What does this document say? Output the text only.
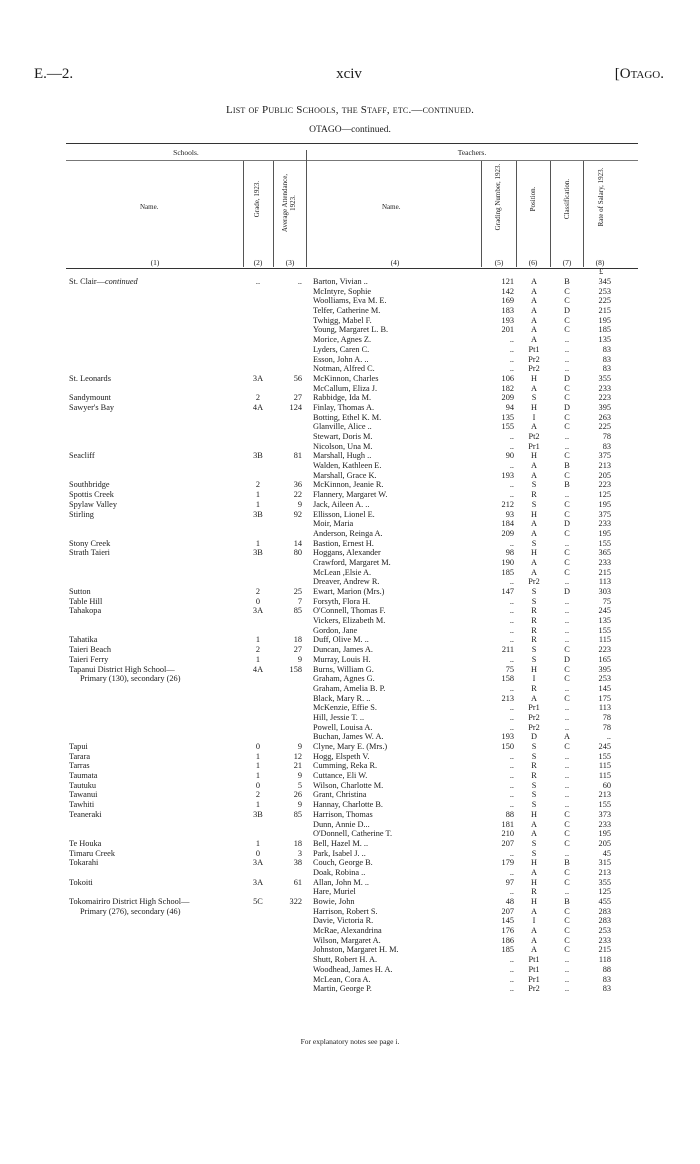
E.—2.	xciv	[Otago.
List of Public Schools, the Staff, etc.—continued.
OTAGO—continued.
Schools.	Teachers.
Name.	Grade, 1923.	Average Attendance, 1923.	Name.	Grading Number, 1923.	Position.	Classification.	Rate of Salary, 1923.
(1)	(2)	(3)	(4)	(5)	(6)	(7)	(8)
£
St. Clair—continued	..	.. Barton, Vivian ..	121	A	B	345
McIntyre, Sophie	142	A	C	253
Woolliams, Eva M. E.	169	A	C	225
Telfer, Catherine M.	183	A	D	215
Twhigg, Mabel F.	193	A	C	195
Young, Margaret L. B.	201	A	C	185
Morice, Agnes Z.	..	A	..	135
Lyders, Caren C.	..	Pt1	..	83
Esson, John A. ..	..	Pr2	..	83
Notman, Alfred C.	..	Pr2	..	83
St. Leonards	3A	56 McKinnon, Charles	106	H	D	355
McCallum, Eliza J.	182	A	C	233
Sandymount	2	27 Rabbidge, Ida M.	209	S	C	223
Sawyer's Bay	4A	124 Finlay, Thomas A.	94	H	D	395
Botting, Ethel K. M.	135	I	C	263
Glanville, Alice ..	155	A	C	225
Stewart, Doris M.	..	Pt2	..	78
Nicolson, Una M.	..	Pr1	..	83
Seacliff	3B	81 Marshall, Hugh ..	90	H	C	375
Walden, Kathleen E.	..	A	B	213
Marshall, Grace K.	193	A	C	205
Southbridge	2	36 McKinnon, Jeanie R.	..	S	B	223
Spottis Creek	1	22 Flannery, Margaret W.	..	R	..	125
Spylaw Valley	1	9 Jack, Aileen A. ..	212	S	C	195
Stirling	3B	92 Ellisson, Lionel E.	93	H	C	375
Moir, Maria	184	A	D	233
Anderson, Reinga A.	209	A	C	195
Stony Creek	1	14 Bastion, Ernest H.	..	S	..	155
Strath Taieri	3B	80 Hoggans, Alexander	98	H	C	365
Crawford, Margaret M.	190	A	C	233
McLean ,Elsie A.	185	A	C	215
Dreaver, Andrew R.	..	Pr2	..	113
Sutton	2	25 Ewart, Marion (Mrs.)	147	S	D	303
Table Hill	0	7 Forsyth, Flora H.	..	S	..	75
Tahakopa	3A	85 O'Connell, Thomas F.	..	R	..	245
Vickers, Elizabeth M.	..	R	..	135
Gordon, Jane	..	R	..	155
Tahatika	1	18 Duff, Olive M. ..	..	R	..	115
Taieri Beach	2	27 Duncan, James A.	211	S	C	223
Taieri Ferry	1	9 Murray, Louis H.	..	S	D	165
Tapanui District High School—	4A	158 Burns, William G.	75	H	C	395
Primary (130), secondary (26)	Graham, Agnes G.	158	I	C	253
Graham, Amelia B. P.	..	R	..	145
Black, Mary R. ..	213	A	C	175
McKenzie, Effie S.	..	Pr1	..	113
Hill, Jessie T. ..	..	Pr2	..	78
Powell, Louisa A.	..	Pr2	..	78
Buchan, James W. A.	193	D	A	..
Tapui	0	9 Clyne, Mary E. (Mrs.)	150	S	C	245
Tarara	1	12 Hogg, Elspeth V.	..	S	..	155
Tarras	1	21 Cumming, Reka R.	..	R	..	115
Taumata	1	9 Cuttance, Eli W.	..	R	..	115
Tautuku	0	5 Wilson, Charlotte M.	..	S	..	60
Tawanui	2	26 Grant, Christina	..	S	..	213
Tawhiti	1	9 Hannay, Charlotte B.	..	S	..	155
Teaneraki	3B	85 Harrison, Thomas	88	H	C	373
Dunn, Annie D...	181	A	C	233
O'Donnell, Catherine T.	210	A	C	195
Te Houka	1	18 Bell, Hazel M. ..	207	S	C	205
Timaru Creek	0	3 Park, Isabel J. ..	..	S	..	45
Tokarahi	3A	38 Couch, George B.	179	H	B	315
Doak, Robina ..	..	A	C	213
Tokoiti	3A	61 Allan, John M. ..	97	H	C	355
Hare, Muriel	..	R	..	125
Tokomairiro District High School—	5C	322 Bowie, John	48	H	B	455
Primary (276), secondary (46)	Harrison, Robert S.	207	A	C	283
Davie, Victoria R.	145	I	C	283
McRae, Alexandrina	176	A	C	253
Wilson, Margaret A.	186	A	C	233
Johnston, Margaret H. M.	185	A	C	215
Shutt, Robert H. A.	..	Pt1	..	118
Woodhead, James H. A.	..	Pt1	..	88
McLean, Cora A.	..	Pr1	..	83
Martin, George P.	..	Pr2	..	83
For explanatory notes see page i.
